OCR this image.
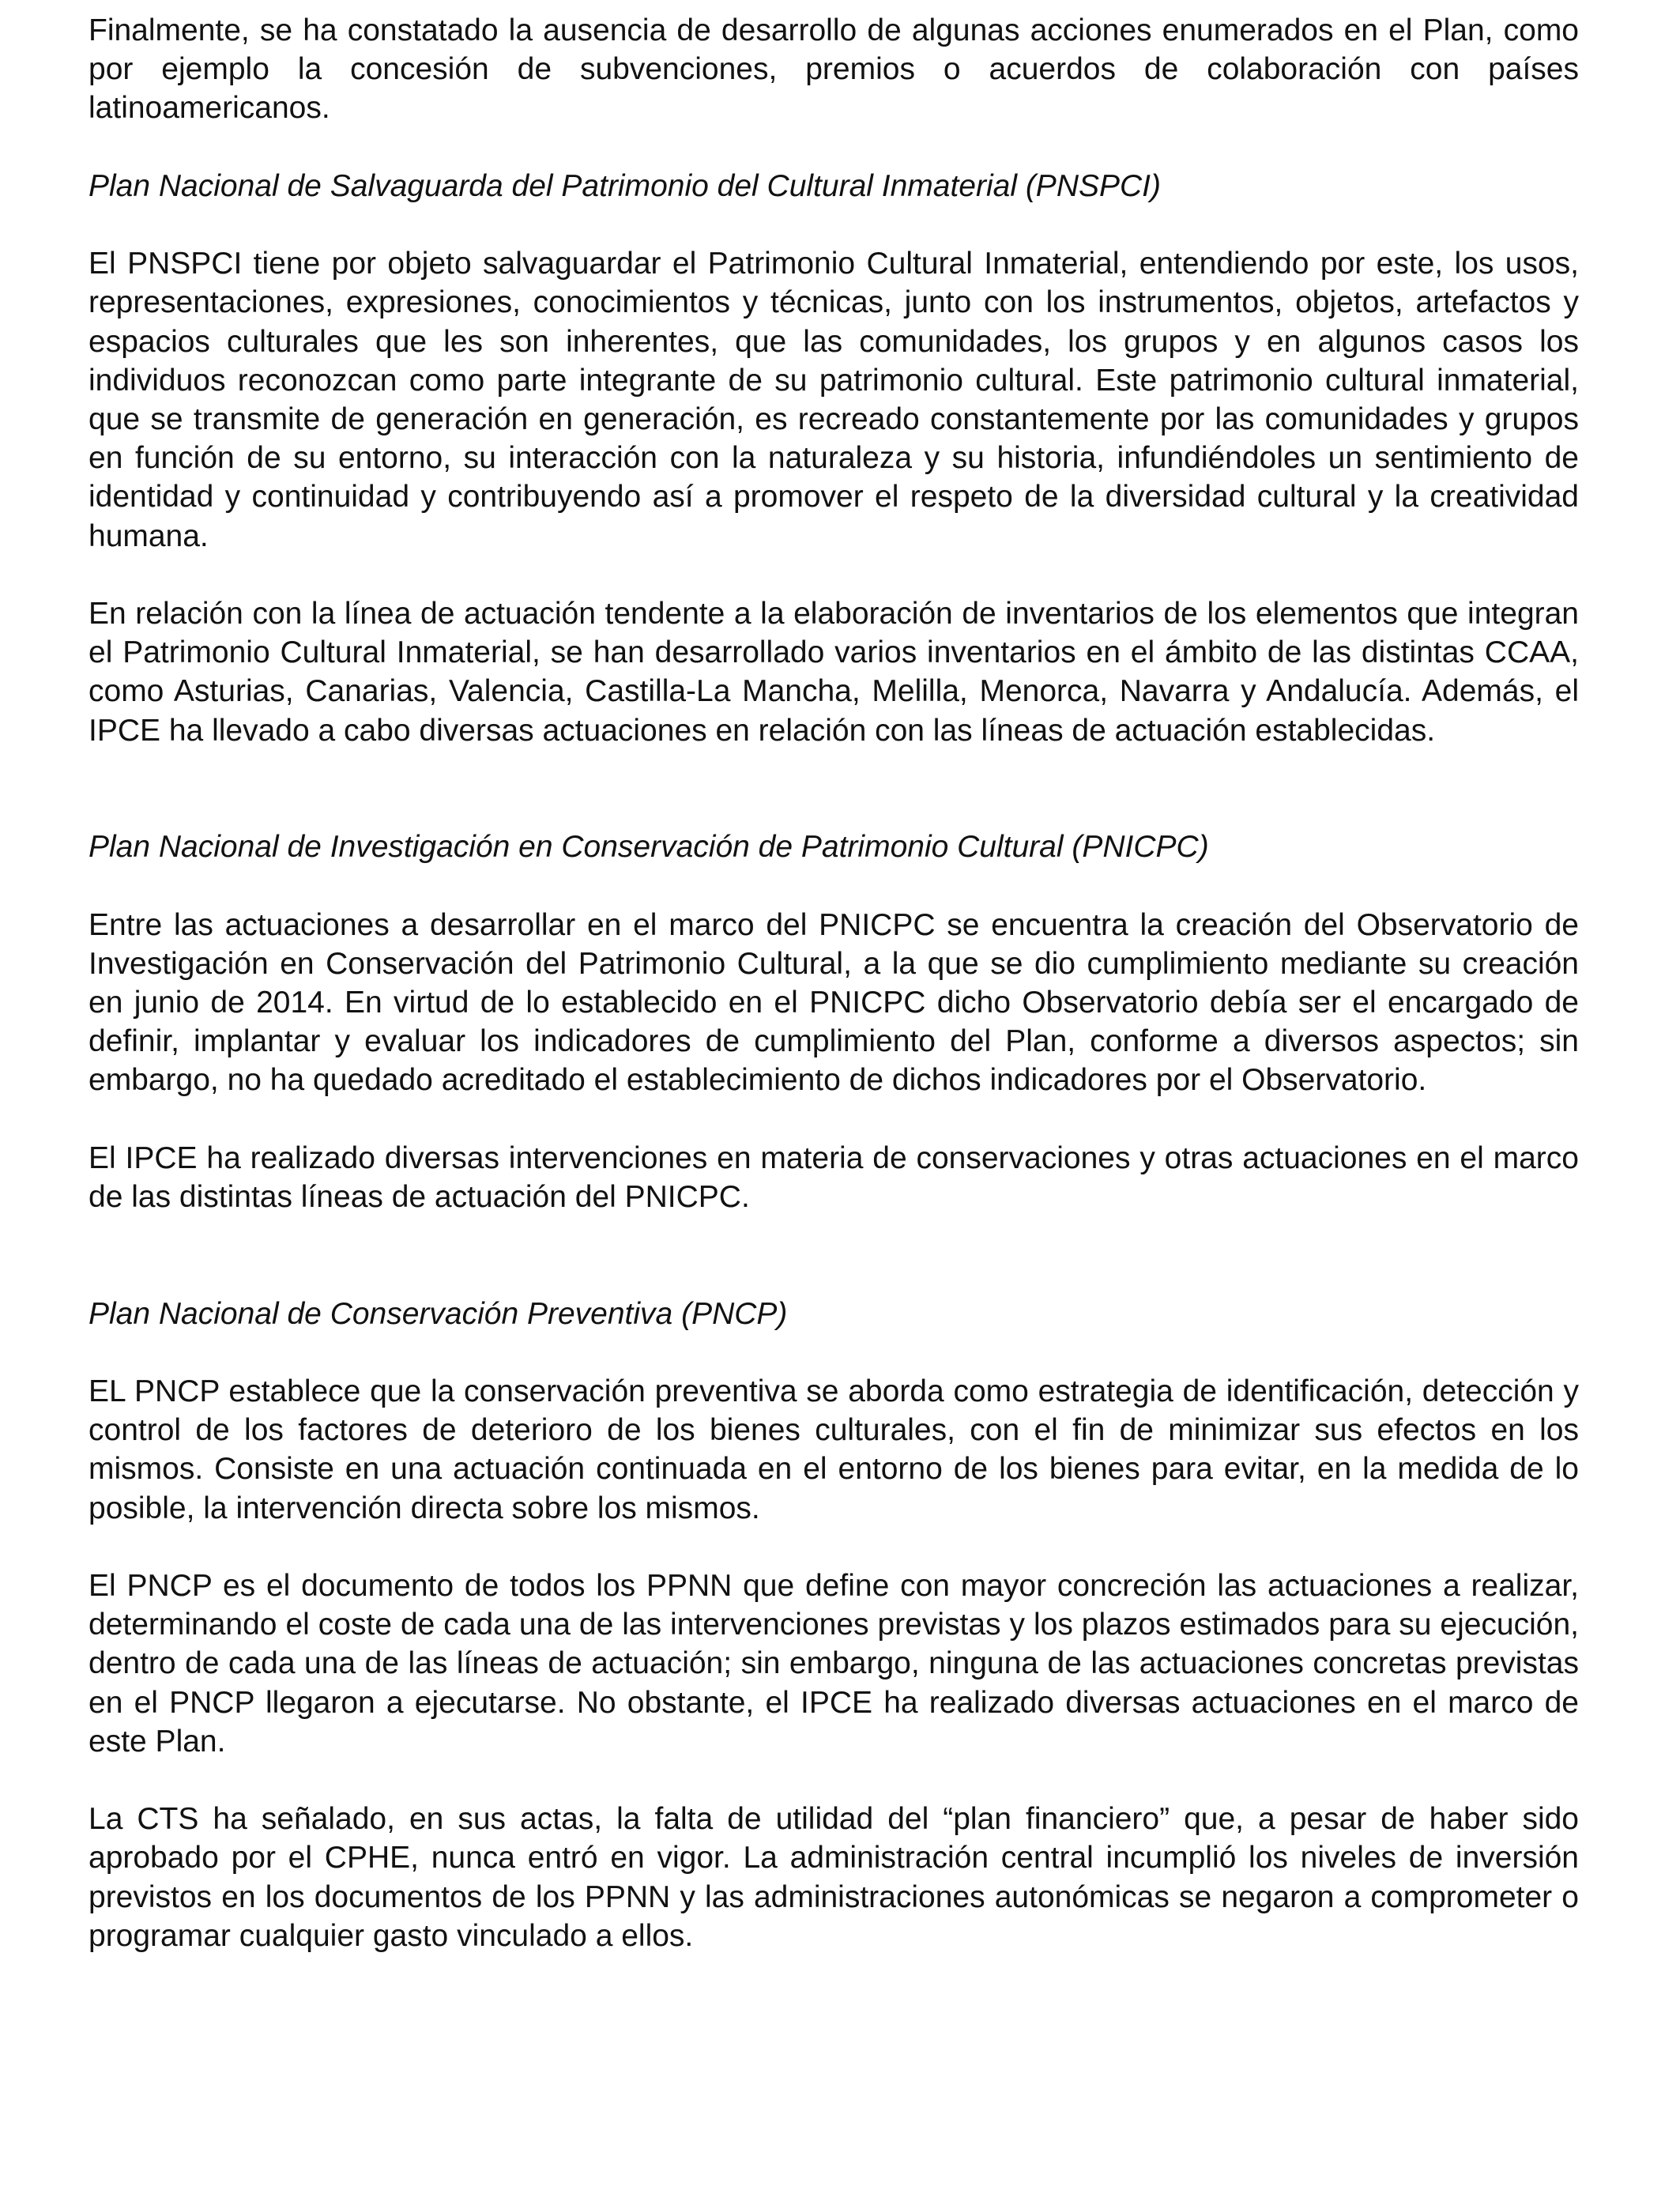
Finalmente, se ha constatado la ausencia de desarrollo de algunas acciones enumerados en el Plan, como por ejemplo la concesión de subvenciones, premios o acuerdos de colaboración con países latinoamericanos.

Plan Nacional de Salvaguarda del Patrimonio del Cultural Inmaterial (PNSPCI)

El PNSPCI tiene por objeto salvaguardar el Patrimonio Cultural Inmaterial, entendiendo por este, los usos, representaciones, expresiones, conocimientos y técnicas, junto con los instrumentos, objetos, artefactos y espacios culturales que les son inherentes, que las comunidades, los grupos y en algunos casos los individuos reconozcan como parte integrante de su patrimonio cultural. Este patrimonio cultural inmaterial, que se transmite de generación en generación, es recreado constantemente por las comunidades y grupos en función de su entorno, su interacción con la naturaleza y su historia, infundiéndoles un sentimiento de identidad y continuidad y contribuyendo así a promover el respeto de la diversidad cultural y la creatividad humana.

En relación con la línea de actuación tendente a la elaboración de inventarios de los elementos que integran el Patrimonio Cultural Inmaterial, se han desarrollado varios inventarios en el ámbito de las distintas CCAA, como Asturias, Canarias, Valencia, Castilla-La Mancha, Melilla, Menorca, Navarra y Andalucía. Además, el IPCE ha llevado a cabo diversas actuaciones en relación con las líneas de actuación establecidas.

Plan Nacional de Investigación en Conservación de Patrimonio Cultural (PNICPC)

Entre las actuaciones a desarrollar en el marco del PNICPC se encuentra la creación del Observatorio de Investigación en Conservación del Patrimonio Cultural, a la que se dio cumplimiento mediante su creación en junio de 2014. En virtud de lo establecido en el PNICPC dicho Observatorio debía ser el encargado de definir, implantar y evaluar los indicadores de cumplimiento del Plan, conforme a diversos aspectos; sin embargo, no ha quedado acreditado el establecimiento de dichos indicadores por el Observatorio.

El IPCE ha realizado diversas intervenciones en materia de conservaciones y otras actuaciones en el marco de las distintas líneas de actuación del PNICPC.

Plan Nacional de Conservación Preventiva (PNCP)

EL PNCP establece que la conservación preventiva se aborda como estrategia de identificación, detección y control de los factores de deterioro de los bienes culturales, con el fin de minimizar sus efectos en los mismos. Consiste en una actuación continuada en el entorno de los bienes para evitar, en la medida de lo posible, la intervención directa sobre los mismos.

El PNCP es el documento de todos los PPNN que define con mayor concreción las actuaciones a realizar, determinando el coste de cada una de las intervenciones previstas y los plazos estimados para su ejecución, dentro de cada una de las líneas de actuación; sin embargo, ninguna de las actuaciones concretas previstas en el PNCP llegaron a ejecutarse. No obstante, el IPCE ha realizado diversas actuaciones en el marco de este Plan.

La CTS ha señalado, en sus actas, la falta de utilidad del “plan financiero” que, a pesar de haber sido aprobado por el CPHE, nunca entró en vigor. La administración central incumplió los niveles de inversión previstos en los documentos de los PPNN y las administraciones autonómicas se negaron a comprometer o programar cualquier gasto vinculado a ellos.
